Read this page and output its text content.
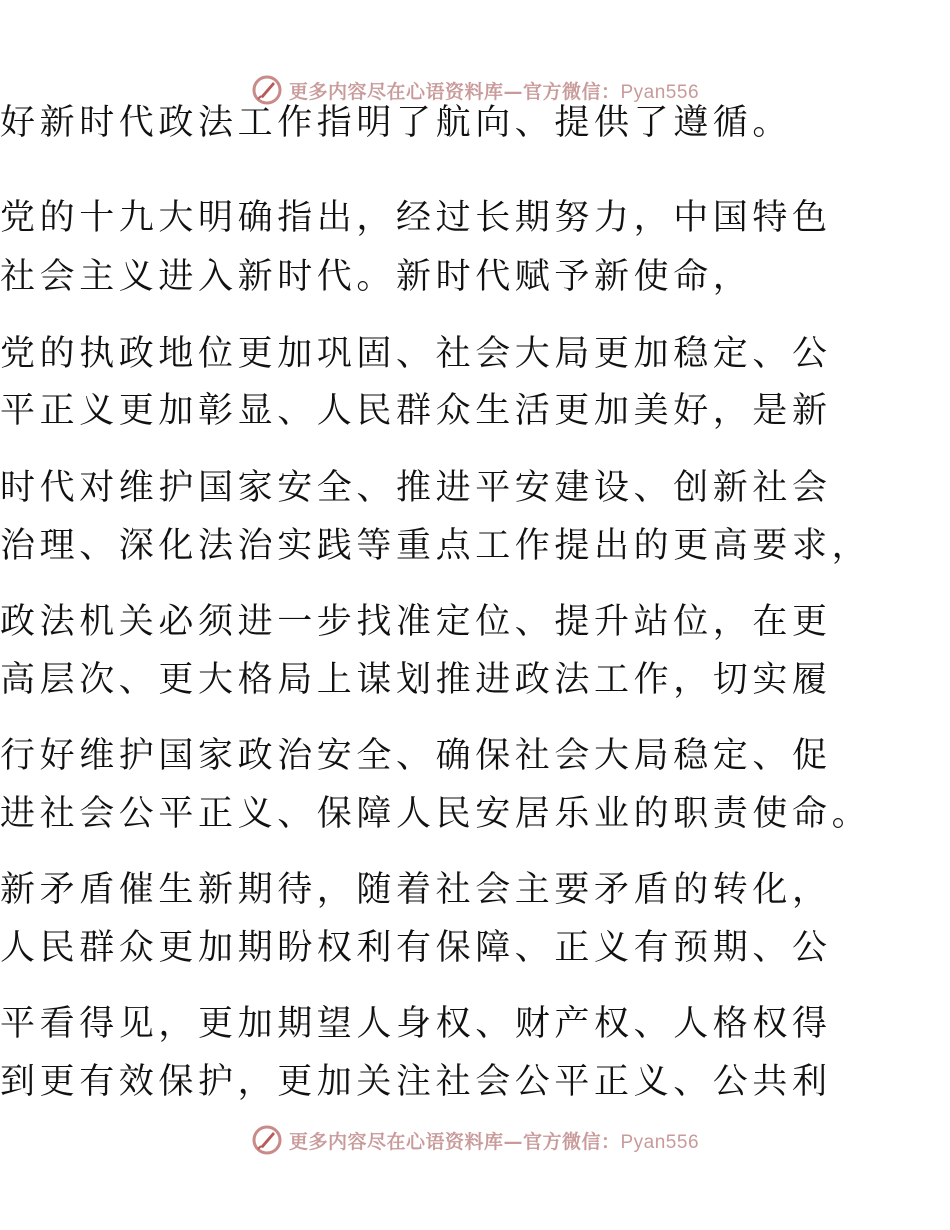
更多内容尽在心语资料库—官方微信：Pyan556
好新时代政法工作指明了航向、提供了遵循。
党的十九大明确指出，经过长期努力，中国特色
社会主义进入新时代。新时代赋予新使命，
党的执政地位更加巩固、社会大局更加稳定、公
平正义更加彰显、人民群众生活更加美好，是新
时代对维护国家安全、推进平安建设、创新社会
治理、深化法治实践等重点工作提出的更高要求，
政法机关必须进一步找准定位、提升站位，在更
高层次、更大格局上谋划推进政法工作，切实履
行好维护国家政治安全、确保社会大局稳定、促
进社会公平正义、保障人民安居乐业的职责使命。
新矛盾催生新期待，随着社会主要矛盾的转化，
人民群众更加期盼权利有保障、正义有预期、公
平看得见，更加期望人身权、财产权、人格权得
到更有效保护，更加关注社会公平正义、公共利
更多内容尽在心语资料库—官方微信：Pyan556
